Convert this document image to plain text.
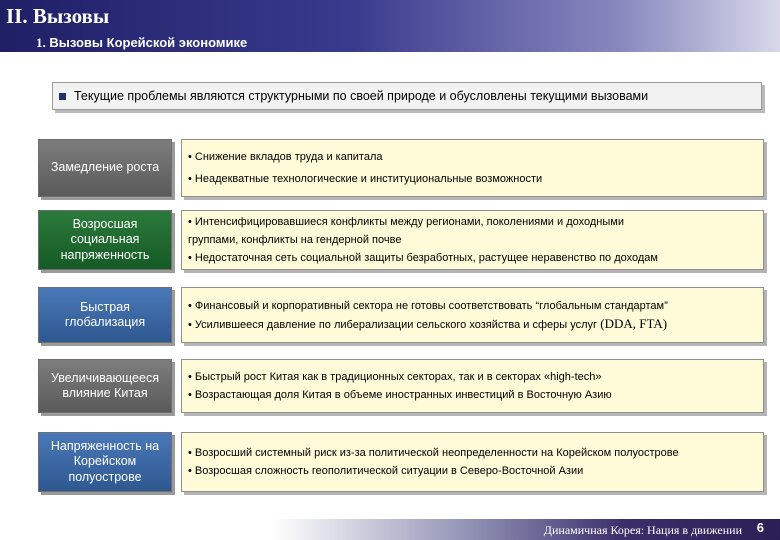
II. Вызовы
1. Вызовы Корейской экономике
Текущие проблемы являются структурными по своей природе и обусловлены текущими вызовами
Замедление роста
• Снижение вкладов труда и капитала
• Неадекватные технологические и институциональные возможности
Возросшая социальная напряженность
• Интенсифицировавшиеся конфликты между регионами, поколениями и доходными
группами, конфликты на гендерной почве
• Недостаточная сеть социальной защиты безработных, растущее неравенство по доходам
Быстрая глобализация
• Финансовый и корпоративный сектора не готовы соответствовать “глобальным стандартам”
• Усилившееся давление по либерализации сельского хозяйства и сферы услуг (DDA, FTA)
Увеличивающееся влияние Китая
• Быстрый рост Китая как в традиционных секторах, так и в секторах «high-tech»
• Возрастающая доля Китая в объеме иностранных инвестиций в Восточную Азию
Напряженность на Корейском полуострове
• Возросший системный риск из-за политической неопределенности на Корейском полуострове
• Возросшая сложность геополитической ситуации в Северо-Восточной Азии
Динамичная Корея: Нация в движении 6
